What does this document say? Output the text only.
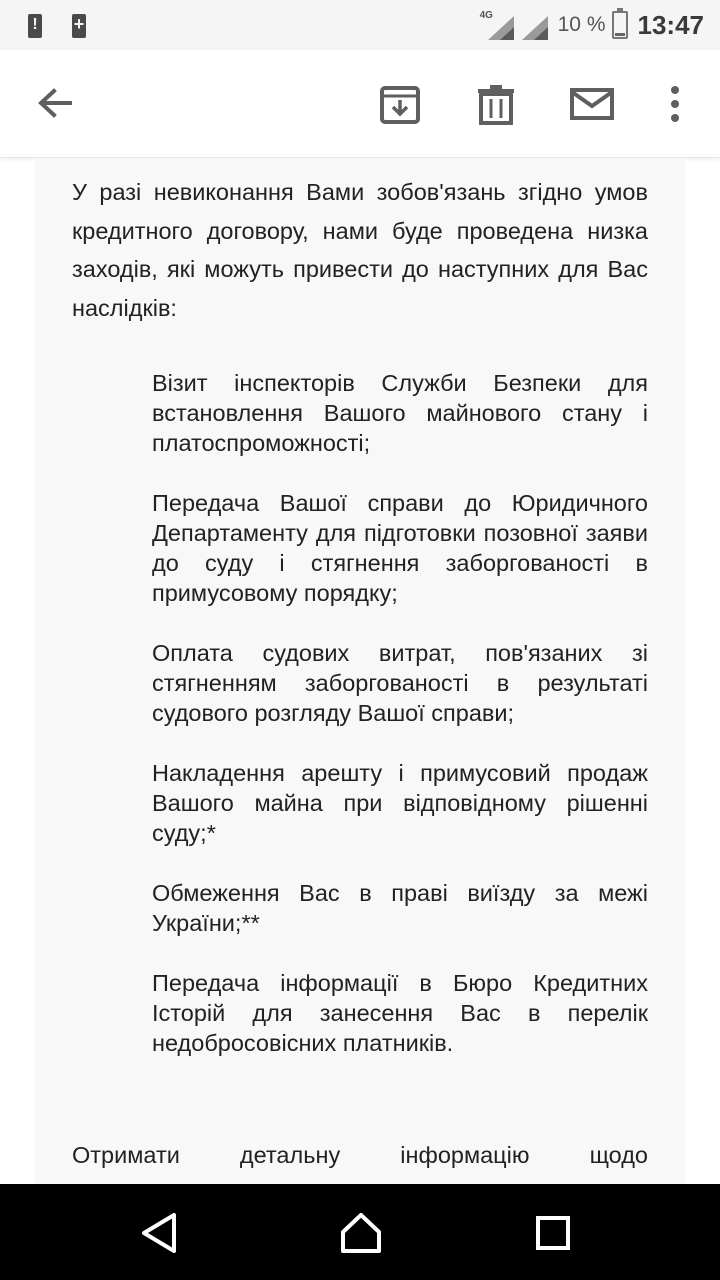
!	+	4G	10 % 13:47

У разі невиконання Вами зобов'язань згідно умов кредитного договору, нами буде проведена низка заходів, які можуть привести до наступних для Вас наслідків:

Візит інспекторів Служби Безпеки для встановлення Вашого майнового стану і платоспроможності;

Передача Вашої справи до Юридичного Департаменту для підготовки позовної заяви до суду і стягнення заборгованості в примусовому порядку;

Оплата судових витрат, пов'язаних зі стягненням заборгованості в результаті судового розгляду Вашої справи;

Накладення арешту і примусовий продаж Вашого майна при відповідному рішенні суду;*

Обмеження Вас в праві виїзду за межі України;**

Передача інформації в Бюро Кредитних Історій для занесення Вас в перелік недобросовісних платників.

Отримати детальну інформацію щодо
